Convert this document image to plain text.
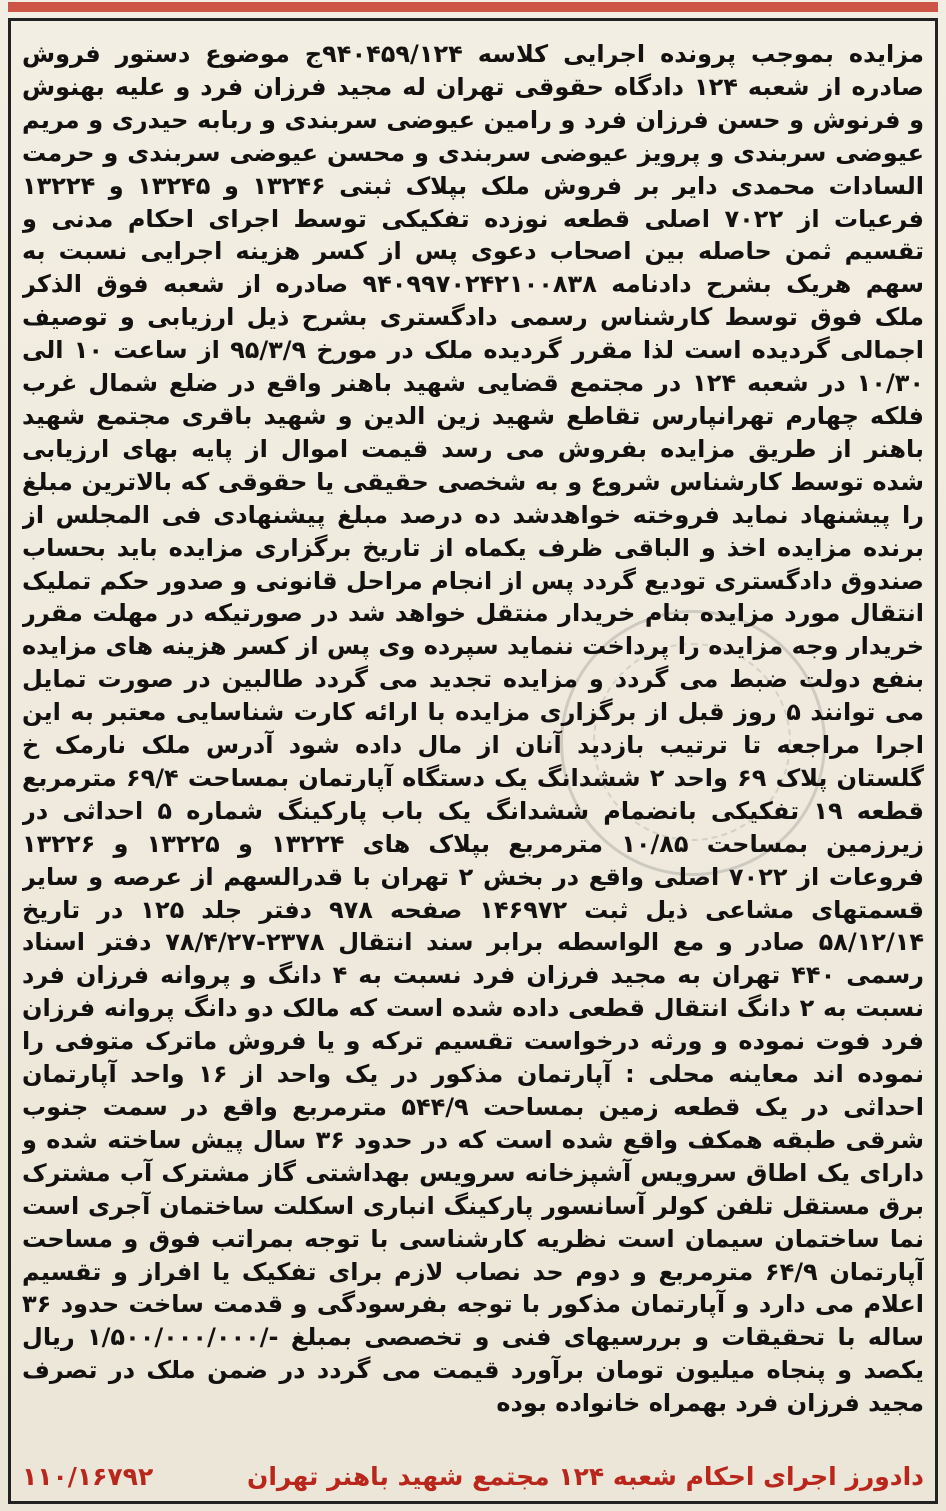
مزایده بموجب پرونده اجرایی کلاسه ۹۴۰۴۵۹/۱۲۴ج موضوع دستور فروش صادره از شعبه ۱۲۴ دادگاه حقوقی تهران له مجید فرزان فرد و علیه بهنوش و فرنوش و حسن فرزان فرد و رامین عیوضی سربندی و ربابه حیدری و مریم عیوضی سربندی و پرویز عیوضی سربندی و محسن عیوضی سربندی و حرمت السادات محمدی دایر بر فروش ملک بپلاک ثبتی ۱۳۲۴۶ و ۱۳۲۴۵ و ۱۳۲۲۴ فرعیات از ۷۰۲۲ اصلی قطعه نوزده تفکیکی توسط اجرای احکام مدنی و تقسیم ثمن حاصله بین اصحاب دعوی پس از کسر هزینه اجرایی نسبت به سهم هریک بشرح دادنامه ۹۴۰۹۹۷۰۲۴۲۱۰۰۸۳۸ صادره از شعبه فوق الذکر ملک فوق توسط کارشناس رسمی دادگستری بشرح ذیل ارزیابی و توصیف اجمالی گردیده است لذا مقرر گردیده ملک در مورخ ۹۵/۳/۹ از ساعت ۱۰ الی ۱۰/۳۰ در شعبه ۱۲۴ در مجتمع قضایی شهید باهنر واقع در ضلع شمال غرب فلکه چهارم تهرانپارس تقاطع شهید زین الدین و شهید باقری مجتمع شهید باهنر از طریق مزایده بفروش می رسد قیمت اموال از پایه بهای ارزیابی شده توسط کارشناس شروع و به شخصی حقیقی یا حقوقی که بالاترین مبلغ را پیشنهاد نماید فروخته خواهدشد ده درصد مبلغ پیشنهادی فی المجلس از برنده مزایده اخذ و الباقی ظرف یکماه از تاریخ برگزاری مزایده باید بحساب صندوق دادگستری تودیع گردد پس از انجام مراحل قانونی و صدور حکم تملیک انتقال مورد مزایده بنام خریدار منتقل خواهد شد در صورتیکه در مهلت مقرر خریدار وجه مزایده را پرداخت ننماید سپرده وی پس از کسر هزینه های مزایده بنفع دولت ضبط می گردد و مزایده تجدید می گردد طالبین در صورت تمایل می توانند ۵ روز قبل از برگزاری مزایده با ارائه کارت شناسایی معتبر به این اجرا مراجعه تا ترتیب بازدید آنان از مال داده شود آدرس ملک نارمک خ گلستان پلاک ۶۹ واحد ۲ ششدانگ یک دستگاه آپارتمان بمساحت ۶۹/۴ مترمربع قطعه ۱۹ تفکیکی بانضمام ششدانگ یک باب پارکینگ شماره ۵ احداثی در زیرزمین بمساحت ۱۰/۸۵ مترمربع بپلاک های ۱۳۲۲۴ و ۱۳۲۲۵ و ۱۳۲۲۶ فروعات از ۷۰۲۲ اصلی واقع در بخش ۲ تهران با قدرالسهم از عرصه و سایر قسمتهای مشاعی ذیل ثبت ۱۴۶۹۷۲ صفحه ۹۷۸ دفتر جلد ۱۲۵ در تاریخ ۵۸/۱۲/۱۴ صادر و مع الواسطه برابر سند انتقال ۲۳۷۸-۷۸/۴/۲۷ دفتر اسناد رسمی ۴۴۰ تهران به مجید فرزان فرد نسبت به ۴ دانگ و پروانه فرزان فرد نسبت به ۲ دانگ انتقال قطعی داده شده است که مالک دو دانگ پروانه فرزان فرد فوت نموده و ورثه درخواست تقسیم ترکه و یا فروش ماترک متوفی را نموده اند معاینه محلی : آپارتمان مذکور در یک واحد از ۱۶ واحد آپارتمان احداثی در یک قطعه زمین بمساحت ۵۴۴/۹ مترمربع واقع در سمت جنوب شرقی طبقه همکف واقع شده است که در حدود ۳۶ سال پیش ساخته شده و دارای یک اطاق سرویس آشپزخانه سرویس بهداشتی گاز مشترک آب مشترک برق مستقل تلفن کولر آسانسور پارکینگ انباری اسکلت ساختمان آجری است نما ساختمان سیمان است نظریه کارشناسی با توجه بمراتب فوق و مساحت آپارتمان ۶۴/۹ مترمربع و دوم حد نصاب لازم برای تفکیک یا افراز و تقسیم اعلام می دارد و آپارتمان مذکور با توجه بفرسودگی و قدمت ساخت حدود ۳۶ ساله با تحقیقات و بررسیهای فنی و تخصصی بمبلغ -/۱/۵۰۰/۰۰۰/۰۰۰ ریال یکصد و پنجاه میلیون تومان برآورد قیمت می گردد در ضمن ملک در تصرف مجید فرزان فرد بهمراه خانواده بوده
دادورز اجرای احکام شعبه ۱۲۴ مجتمع شهید باهنر تهران
۱۱۰/۱۶۷۹۲
